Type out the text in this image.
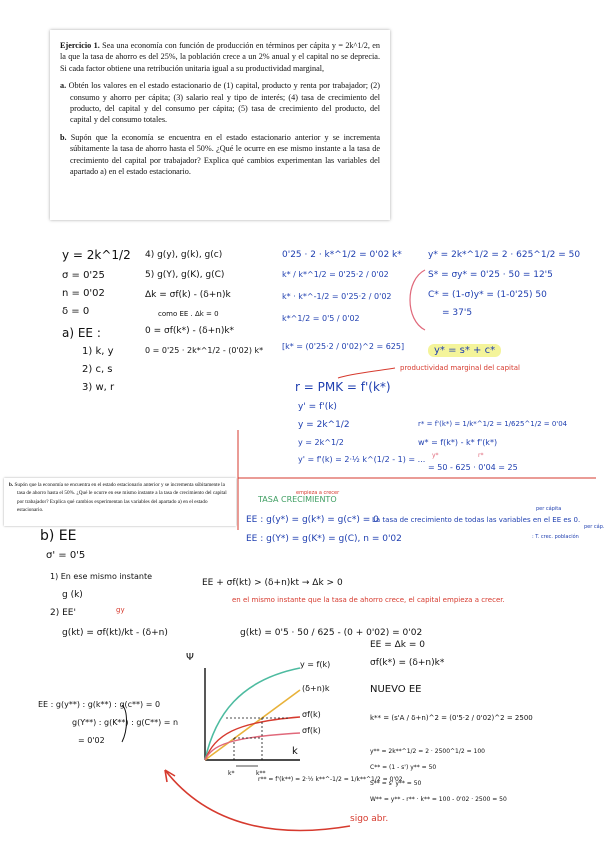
Ejercicio 1. Sea una economía con función de producción en términos per cápita y = 2k^1/2, en la que la tasa de ahorro es del 25%, la población crece a un 2% anual y el capital no se deprecia. Si cada factor obtiene una retribución unitaria igual a su productividad marginal,

a. Obtén los valores en el estado estacionario de (1) capital, producto y renta por trabajador; (2) consumo y ahorro per cápita; (3) salario real y tipo de interés; (4) tasa de crecimiento del producto, del capital y del consumo per cápita; (5) tasa de crecimiento del producto, del capital y del consumo totales.

b. Supón que la economía se encuentra en el estado estacionario anterior y se incrementa súbitamente la tasa de ahorro hasta el 50%. ¿Qué le ocurre en ese mismo instante a la tasa de crecimiento del capital por trabajador? Explica qué cambios experimentan las variables del apartado a) en el estado estacionario.

b. Supón que la economía se encuentra en el estado estacionario anterior y se incrementa súbitamente la tasa de ahorro hasta el 50%. ¿Qué le ocurre en ese mismo instante a la tasa de crecimiento del capital por trabajador? Explica qué cambios experimentan las variables del apartado a) en el estado estacionario.

y = 2k^1/2
σ = 0'25
n = 0'02
δ = 0
a) EE :
1) k, y
2) c, s
3) w, r
4) g(y), g(k), g(c)
5) g(Y), g(K), g(C)
Δk = σf(k) - (δ+n)k
como EE . Δk = 0
0 = σf(k*) - (δ+n)k*
0 = 0'25 · 2k*^1/2 - (0'02) k*
0'25 · 2 · k*^1/2 = 0'02 k*
k* / k*^1/2 = 0'25·2 / 0'02
k* · k*^-1/2 = 0'25·2 / 0'02
k*^1/2 = 0'5 / 0'02
[k* = (0'25·2 / 0'02)^2 = 625]
y* = 2k*^1/2 = 2 · 625^1/2 = 50
S* = σy* = 0'25 · 50 = 12'5
C* = (1-σ)y* = (1-0'25) 50
= 37'5
y* = s* + c*
productividad marginal del capital
r = PMK = f'(k*)
y' = f'(k)
y = 2k^1/2
y = 2k^1/2
y' = f'(k) = 2·½ k^(1/2 - 1) = ...
r* = f'(k*) = 1/k*^1/2 = 1/625^1/2 = 0'04
w* = f(k*) - k* f'(k*)
y*	r*
= 50 - 625 · 0'04 = 25
TASA CRECIMIENTO
EE : g(y*) = g(k*) = g(c*) = 0
EE : g(Y*) = g(K*) = g(C), n = 0'02
La tasa de crecimiento de todas las variables en el EE es 0.
: T. crec. población
per cápita
per cáp.
b) EE
σ' = 0'5
1) En ese mismo instante
g (k)
2) EE'	gy
g(kt) = σf(kt)/kt - (δ+n)
EE + σf(kt) > (δ+n)kt → Δk > 0
empieza a crecer
en el mismo instante que la tasa de ahorro crece, el capital empieza a crecer.
g(kt) = 0'5 · 50 / 625 - (0 + 0'02) = 0'02
EE = Δk = 0
σf(k*) = (δ+n)k*
NUEVO EE
k** = (s'A / δ+n)^2 = (0'5·2 / 0'02)^2 = 2500
y** = 2k**^1/2 = 2 · 2500^1/2 = 100
C** = (1 - s') y** = 50
S** = s' y** = 50
W** = y** - r** · k** = 100 - 0'02 · 2500 = 50
r** = f'(k**) = 2·½ k**^-1/2 = 1/k**^1/2 = 0'02
EE : g(y**) : g(k**) : g(c**) = 0
g(Y**) : g(K**) : g(C**) = n
= 0'02
sigo abr.
Ψ
k
y = f(k)
(δ+n)k
σf(k)
σf(k)
k*	k**
